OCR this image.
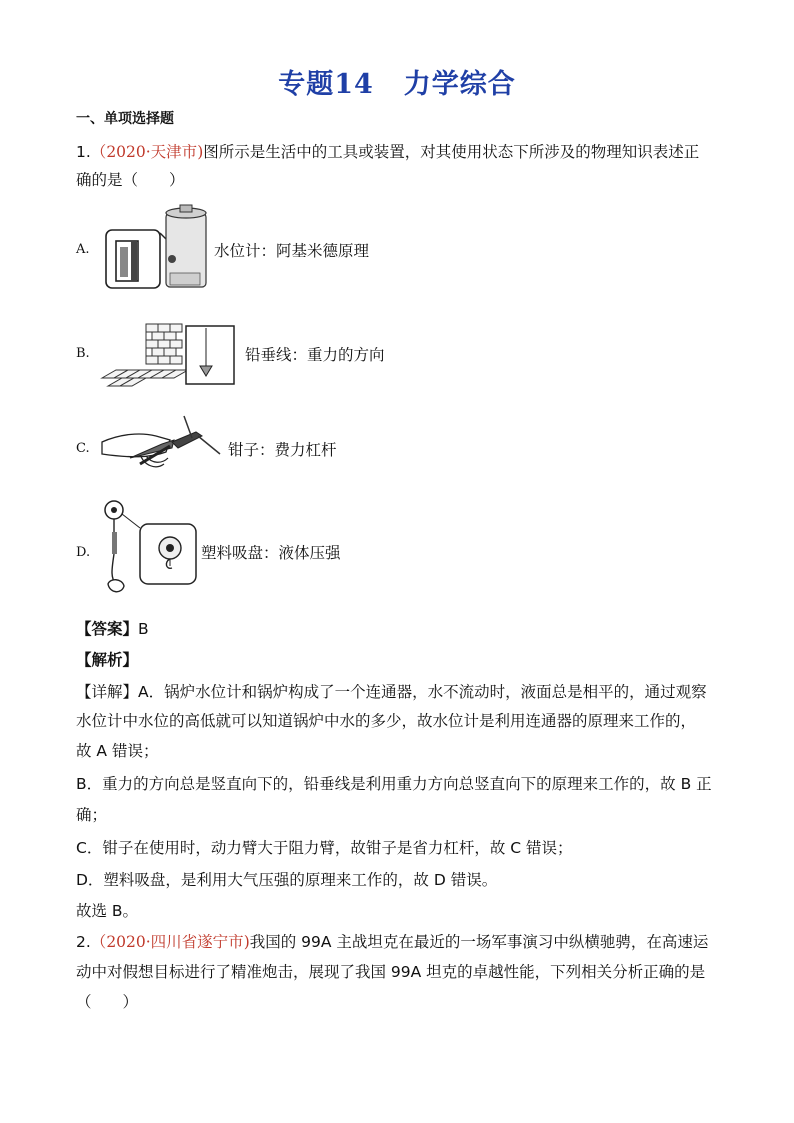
专题14 力学综合
一、单项选择题
1.（2020·天津市)图所示是生活中的工具或装置，对其使用状态下所涉及的物理知识表述正
确的是（　　）
A.	水位计：阿基米德原理
B.	铅垂线：重力的方向
C.	钳子：费力杠杆
D.	塑料吸盘：液体压强
【答案】B
【解析】
【详解】A．锅炉水位计和锅炉构成了一个连通器，水不流动时，液面总是相平的，通过观察
水位计中水位的高低就可以知道锅炉中水的多少，故水位计是利用连通器的原理来工作的，
故 A 错误；
B．重力的方向总是竖直向下的，铅垂线是利用重力方向总竖直向下的原理来工作的，故 B 正
确；
C．钳子在使用时，动力臂大于阻力臂，故钳子是省力杠杆，故 C 错误；
D．塑料吸盘，是利用大气压强的原理来工作的，故 D 错误。
故选 B。
2.（2020·四川省遂宁市)我国的 99A 主战坦克在最近的一场军事演习中纵横驰骋，在高速运
动中对假想目标进行了精准炮击，展现了我国 99A 坦克的卓越性能，下列相关分析正确的是
（　　）
